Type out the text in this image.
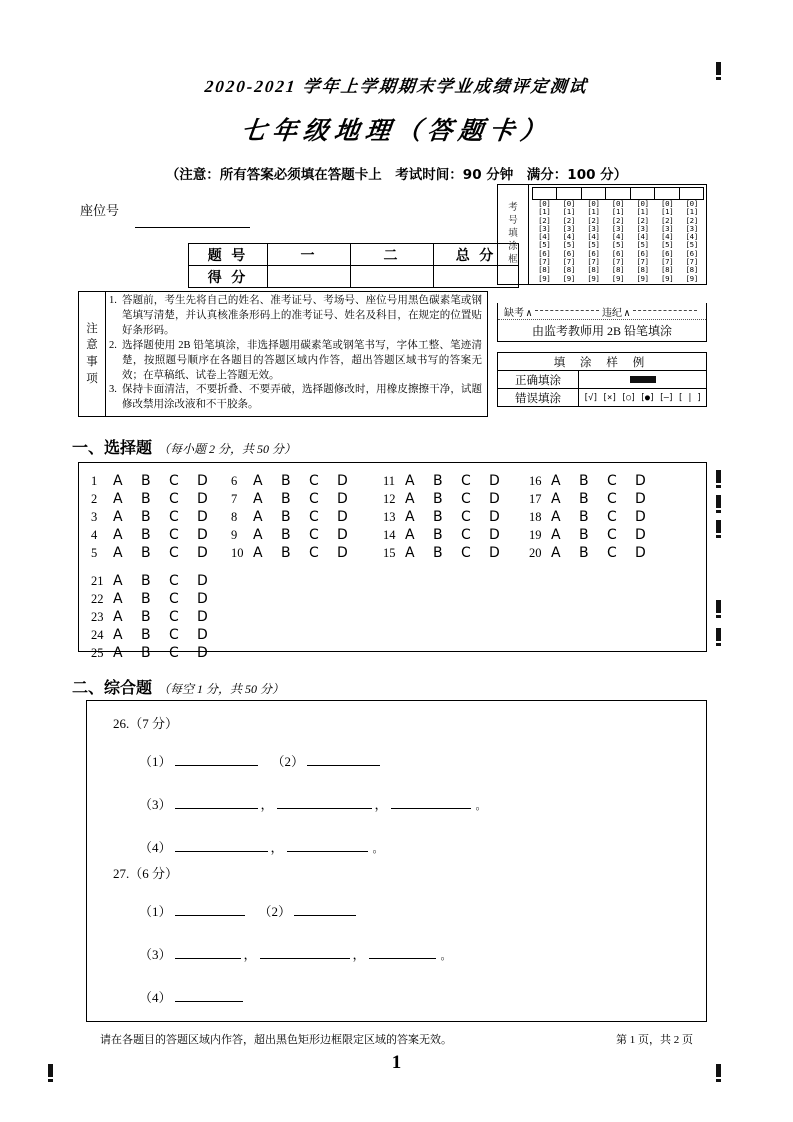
2020-2021 学年上学期期末学业成绩评定测试
七年级地理（答题卡）
（注意：所有答案必须填在答题卡上　考试时间：90 分钟　满分：100 分）
座位号
题 号	一	二	总 分
得 分			
注
意
事
项
1. 答题前，考生先将自己的姓名、准考证号、考场号、座位号用黑色碳素笔或钢笔填写清楚，并认真核准条形码上的准考证号、姓名及科目，在规定的位置贴好条形码。
2. 选择题使用 2B 铅笔填涂，非选择题用碳素笔或钢笔书写，字体工整、笔迹清楚，按照题号顺序在各题目的答题区域内作答，超出答题区域书写的答案无效；在草稿纸、试卷上答题无效。
3. 保持卡面清洁，不要折叠、不要弄破，选择题修改时，用橡皮擦擦干净，试题修改禁用涂改液和不干胶条。
考
号
填
涂
框
[0]	[0]	[0]	[0]	[0]	[0]	[0]
[1]	[1]	[1]	[1]	[1]	[1]	[1]
[2]	[2]	[2]	[2]	[2]	[2]	[2]
[3]	[3]	[3]	[3]	[3]	[3]	[3]
[4]	[4]	[4]	[4]	[4]	[4]	[4]
[5]	[5]	[5]	[5]	[5]	[5]	[5]
[6]	[6]	[6]	[6]	[6]	[6]	[6]
[7]	[7]	[7]	[7]	[7]	[7]	[7]
[8]	[8]	[8]	[8]	[8]	[8]	[8]
[9]	[9]	[9]	[9]	[9]	[9]	[9]
缺考 ∧	违纪 ∧
由监考教师用 2B 铅笔填涂
填 涂 样 例	
正确填涂	
错误填涂	[√] [×] [○] [●] [—] [ | ]
一、选择题 （每小题 2 分，共 50 分）
1	A	B	C	D
2	A	B	C	D
3	A	B	C	D
4	A	B	C	D
5	A	B	C	D
6	A	B	C	D
7	A	B	C	D
8	A	B	C	D
9	A	B	C	D
10 A	B	C	D
11 A	B	C	D
12 A	B	C	D
13 A	B	C	D
14 A	B	C	D
15 A	B	C	D
16 A	B	C	D
17 A	B	C	D
18 A	B	C	D
19 A	B	C	D
20 A	B	C	D
21 A	B	C	D
22 A	B	C	D
23 A	B	C	D
24 A	B	C	D
25 A	B	C	D
二、综合题 （每空 1 分，共 50 分）
26.（7 分）
（1）	（2）
（3）	，	，	。
（4）	，	。
27.（6 分）
（1）	（2）
（3）	，	，	。
（4）
请在各题目的答题区域内作答，超出黑色矩形边框限定区域的答案无效。	第 1 页，共 2 页
1
